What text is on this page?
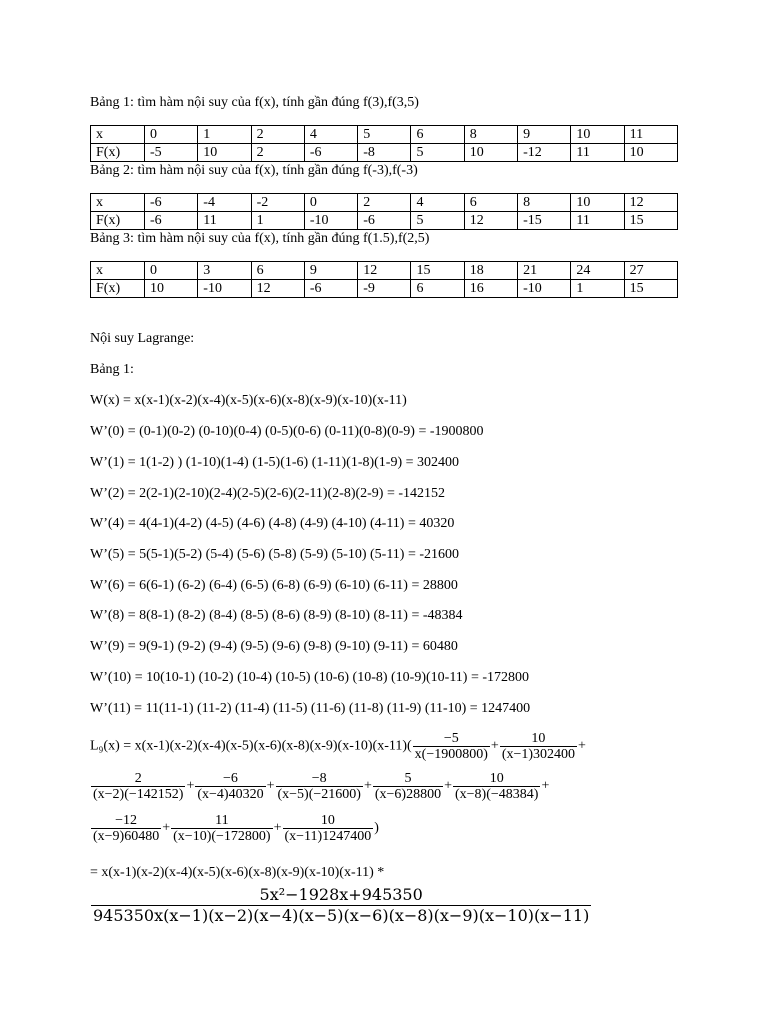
Bảng 1: tìm hàm nội suy của f(x), tính gần đúng f(3),f(3,5)
x	0	1	2	4	5	6	8	9	10	11
F(x)	-5	10	2	-6	-8	5	10	-12	11	10
Bảng 2: tìm hàm nội suy của f(x), tính gần đúng f(-3),f(-3)
x	-6	-4	-2	0	2	4	6	8	10	12
F(x)	-6	11	1	-10	-6	5	12	-15	11	15
Bảng 3: tìm hàm nội suy của f(x), tính gần đúng f(1.5),f(2,5)
x	0	3	6	9	12	15	18	21	24	27
F(x)	10	-10	12	-6	-9	6	16	-10	1	15
Nội suy Lagrange:
Bảng 1:
W(x) = x(x-1)(x-2)(x-4)(x-5)(x-6)(x-8)(x-9)(x-10)(x-11)
W’(0) = (0-1)(0-2) (0-10)(0-4) (0-5)(0-6) (0-11)(0-8)(0-9) = -1900800
W’(1) = 1(1-2) ) (1-10)(1-4) (1-5)(1-6) (1-11)(1-8)(1-9) = 302400
W’(2) = 2(2-1)(2-10)(2-4)(2-5)(2-6)(2-11)(2-8)(2-9) = -142152
W’(4) = 4(4-1)(4-2) (4-5) (4-6) (4-8) (4-9) (4-10) (4-11) = 40320
W’(5) = 5(5-1)(5-2) (5-4) (5-6) (5-8) (5-9) (5-10) (5-11) = -21600
W’(6) = 6(6-1) (6-2) (6-4) (6-5) (6-8) (6-9) (6-10) (6-11) = 28800
W’(8) = 8(8-1) (8-2) (8-4) (8-5) (8-6) (8-9) (8-10) (8-11) = -48384
W’(9) = 9(9-1) (9-2) (9-4) (9-5) (9-6) (9-8) (9-10) (9-11) = 60480
W’(10) = 10(10-1) (10-2) (10-4) (10-5) (10-6) (10-8) (10-9)(10-11) = -172800
W’(11) = 11(11-1) (11-2) (11-4) (11-5) (11-6) (11-8) (11-9) (11-10) = 1247400
$L_9(x) = x(x-1)(x-2)(x-4)(x-5)(x-6)(x-8)(x-9)(x-10)(x-11)( \frac{-5}{x(-1900800)} + \frac{10}{(x-1)302400}$ +
$\frac{2}{(x-2)(-142152)} + \frac{-6}{(x-4)40320} + \frac{-8}{(x-5)(-21600)} + \frac{5}{(x-6)28800} + \frac{10}{(x-8)(-48384)}$ +
$\frac{-12}{(x-9)60480} + \frac{11}{(x-10)(-172800)} + \frac{10}{(x-11)1247400}$ )
= x(x-1)(x-2)(x-4)(x-5)(x-6)(x-8)(x-9)(x-10)(x-11) *
$\frac{\text{5x²−1928x+945350}}{945350x(x-1)(x-2)(x-4)(x-5)(x-6)(x-8)(x-9)(x-10)(x-11)}$
